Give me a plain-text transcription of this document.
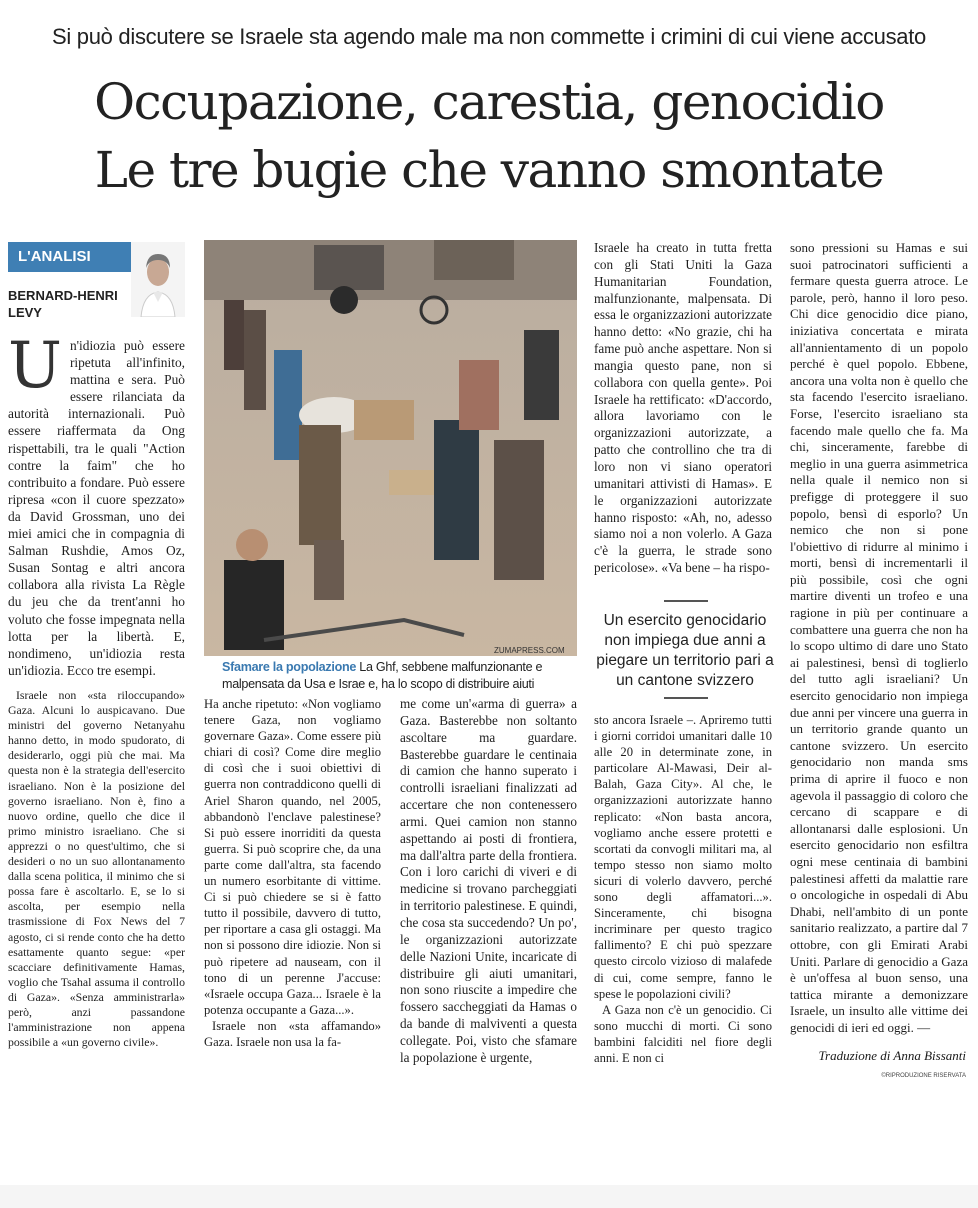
Si può discutere se Israele sta agendo male ma non commette i crimini di cui viene accusato
Occupazione, carestia, genocidio
Le tre bugie che vanno smontate
L'ANALISI
BERNARD-HENRI
LEVY

Un'idiozia può essere ripetuta all'infinito, mattina e sera. Può essere rilanciata da autorità internazionali. Può essere riaffermata da Ong rispettabili, tra le quali "Action contre la faim" che ho contribuito a fondare. Può essere ripresa «con il cuore spezzato» da David Grossman, uno dei miei amici che in compagnia di Salman Rushdie, Amos Oz, Susan Sontag e altri ancora collabora alla rivista La Règle du jeu che da trent'anni ho voluto che fosse impegnata nella lotta per la libertà. E, nondimeno, un'idiozia resta un'idiozia. Ecco tre esempi.

Israele non «sta riloccupando» Gaza. Alcuni lo auspicavano. Due ministri del governo Netanyahu hanno detto, in modo spudorato, di desiderarlo, oggi più che mai. Ma questa non è la strategia dell'esercito israeliano. Non è la posizione del governo israeliano. Non è, fino a nuovo ordine, quello che dice il primo ministro israeliano. Che si apprezzi o no quest'ultimo, che si desideri o no un suo allontanamento dalla scena politica, il minimo che si possa fare è ascoltarlo. E, se lo si ascolta, per esempio nella trasmissione di Fox News del 7 agosto, ci si rende conto che ha detto esattamente quanto segue: «per scacciare definitivamente Hamas, voglio che Tsahal assuma il controllo di Gaza». «Senza amministrarla» però, anzi passandone l'amministrazione non appena possibile a «un governo civile».

ZUMAPRESS.COM
Sfamare la popolazione La Ghf, sebbene malfunzionante e malpensata da Usa e Israe e, ha lo scopo di distribuire aiuti

Ha anche ripetuto: «Non vogliamo tenere Gaza, non vogliamo governare Gaza». Come essere più chiari di così? Come dire meglio di così che i suoi obiettivi di guerra non contraddicono quelli di Ariel Sharon quando, nel 2005, abbandonò l'enclave palestinese? Si può essere inorriditi da questa guerra. Si può scoprire che, da una parte come dall'altra, sta facendo un numero esorbitante di vittime. Ci si può chiedere se si è fatto tutto il possibile, davvero di tutto, per riportare a casa gli ostaggi. Ma non si possono dire idiozie. Non si può ripetere ad nauseam, con il tono di un perenne J'accuse: «Israele occupa Gaza... Israele è la potenza occupante a Gaza...».

Israele non «sta affamando» Gaza. Israele non usa la fa-

me come un'«arma di guerra» a Gaza. Basterebbe non soltanto ascoltare ma guardare. Basterebbe guardare le centinaia di camion che hanno superato i controlli israeliani finalizzati ad accertare che non contenessero armi. Quei camion non stanno aspettando ai posti di frontiera, ma dall'altra parte della frontiera. Con i loro carichi di viveri e di medicine si trovano parcheggiati in territorio palestinese. E quindi, che cosa sta succedendo? Un po', le organizzazioni autorizzate delle Nazioni Unite, incaricate di distribuire gli aiuti umanitari, non sono riuscite a impedire che fossero saccheggiati da Hamas o da bande di malviventi a questa collegate. Poi, visto che sfamare la popolazione è urgente,

Israele ha creato in tutta fretta con gli Stati Uniti la Gaza Humanitarian Foundation, malfunzionante, malpensata. Di essa le organizzazioni autorizzate hanno detto: «No grazie, chi ha fame può anche aspettare. Non si mangia questo pane, non si collabora con quella gente». Poi Israele ha rettificato: «D'accordo, allora lavoriamo con le organizzazioni autorizzate, a patto che controllino che tra di loro non vi siano operatori umanitari attivisti di Hamas». E le organizzazioni autorizzate hanno risposto: «Ah, no, adesso siamo noi a non volerlo. A Gaza c'è la guerra, le strade sono pericolose». «Va bene – ha rispo-

Un esercito genocidario non impiega due anni a piegare un territorio pari a un cantone svizzero

sto ancora Israele –. Apriremo tutti i giorni corridoi umanitari dalle 10 alle 20 in determinate zone, in particolare Al-Mawasi, Deir al-Balah, Gaza City». Al che, le organizzazioni autorizzate hanno replicato: «Non basta ancora, vogliamo anche essere protetti e scortati da convogli militari ma, al tempo stesso non siamo molto sicuri di volerlo davvero, perché sono degli affamatori...». Sinceramente, chi bisogna incriminare per questo tragico fallimento? E chi può spezzare questo circolo vizioso di malafede di cui, come sempre, fanno le spese le popolazioni civili?

A Gaza non c'è un genocidio. Ci sono mucchi di morti. Ci sono bambini falciditi nel fiore degli anni. E non ci

sono pressioni su Hamas e sui suoi patrocinatori sufficienti a fermare questa guerra atroce. Le parole, però, hanno il loro peso. Chi dice genocidio dice piano, iniziativa concertata e mirata all'annientamento di un popolo perché è quel popolo. Ebbene, ancora una volta non è quello che sta facendo l'esercito israeliano. Forse, l'esercito israeliano sta facendo male quello che fa. Ma chi, sinceramente, farebbe di meglio in una guerra asimmetrica nella quale il nemico non si prefigge di proteggere il suo popolo, bensì di esporlo? Un nemico che non si pone l'obiettivo di ridurre al minimo i morti, bensì di incrementarli il più possibile, così che ogni martire diventi un trofeo e una ragione in più per continuare a combattere una guerra che non ha lo scopo ultimo di dare uno Stato ai palestinesi, bensì di toglierlo del tutto agli israeliani? Un esercito genocidario non impiega due anni per vincere una guerra in un territorio grande quanto un cantone svizzero. Un esercito genocidario non manda sms prima di aprire il fuoco e non agevola il passaggio di coloro che cercano di scappare e di allontanarsi dalle esplosioni. Un esercito genocidario non esfiltra ogni mese centinaia di bambini palestinesi affetti da malattie rare o oncologiche in ospedali di Abu Dhabi, nell'ambito di un ponte sanitario realizzato, a partire dal 7 ottobre, con gli Emirati Arabi Uniti. Parlare di genocidio a Gaza è un'offesa al buon senso, una tattica mirante a demonizzare Israele, un insulto alle vittime dei genocidi di ieri ed oggi. —

Traduzione di Anna Bissanti
©RIPRODUZIONE RISERVATA
